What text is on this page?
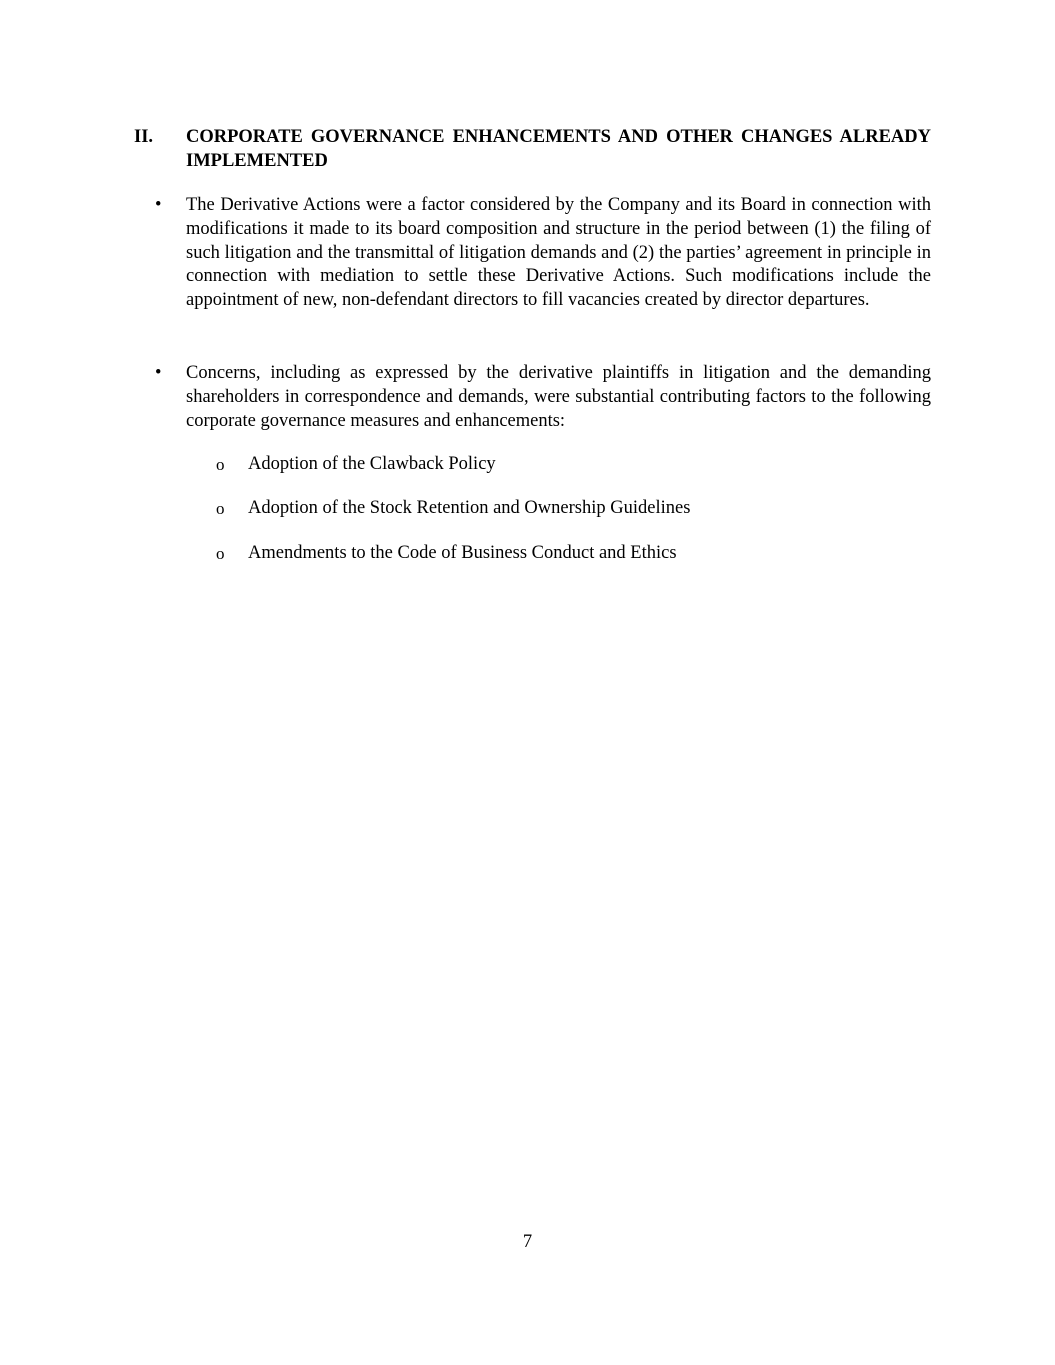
II. CORPORATE GOVERNANCE ENHANCEMENTS AND OTHER CHANGES ALREADY IMPLEMENTED
• The Derivative Actions were a factor considered by the Company and its Board in connection with modifications it made to its board composition and structure in the period between (1) the filing of such litigation and the transmittal of litigation demands and (2) the parties’ agreement in principle in connection with mediation to settle these Derivative Actions. Such modifications include the appointment of new, non-defendant directors to fill vacancies created by director departures.
• Concerns, including as expressed by the derivative plaintiffs in litigation and the demanding shareholders in correspondence and demands, were substantial contributing factors to the following corporate governance measures and enhancements:
o Adoption of the Clawback Policy
o Adoption of the Stock Retention and Ownership Guidelines
o Amendments to the Code of Business Conduct and Ethics
7
